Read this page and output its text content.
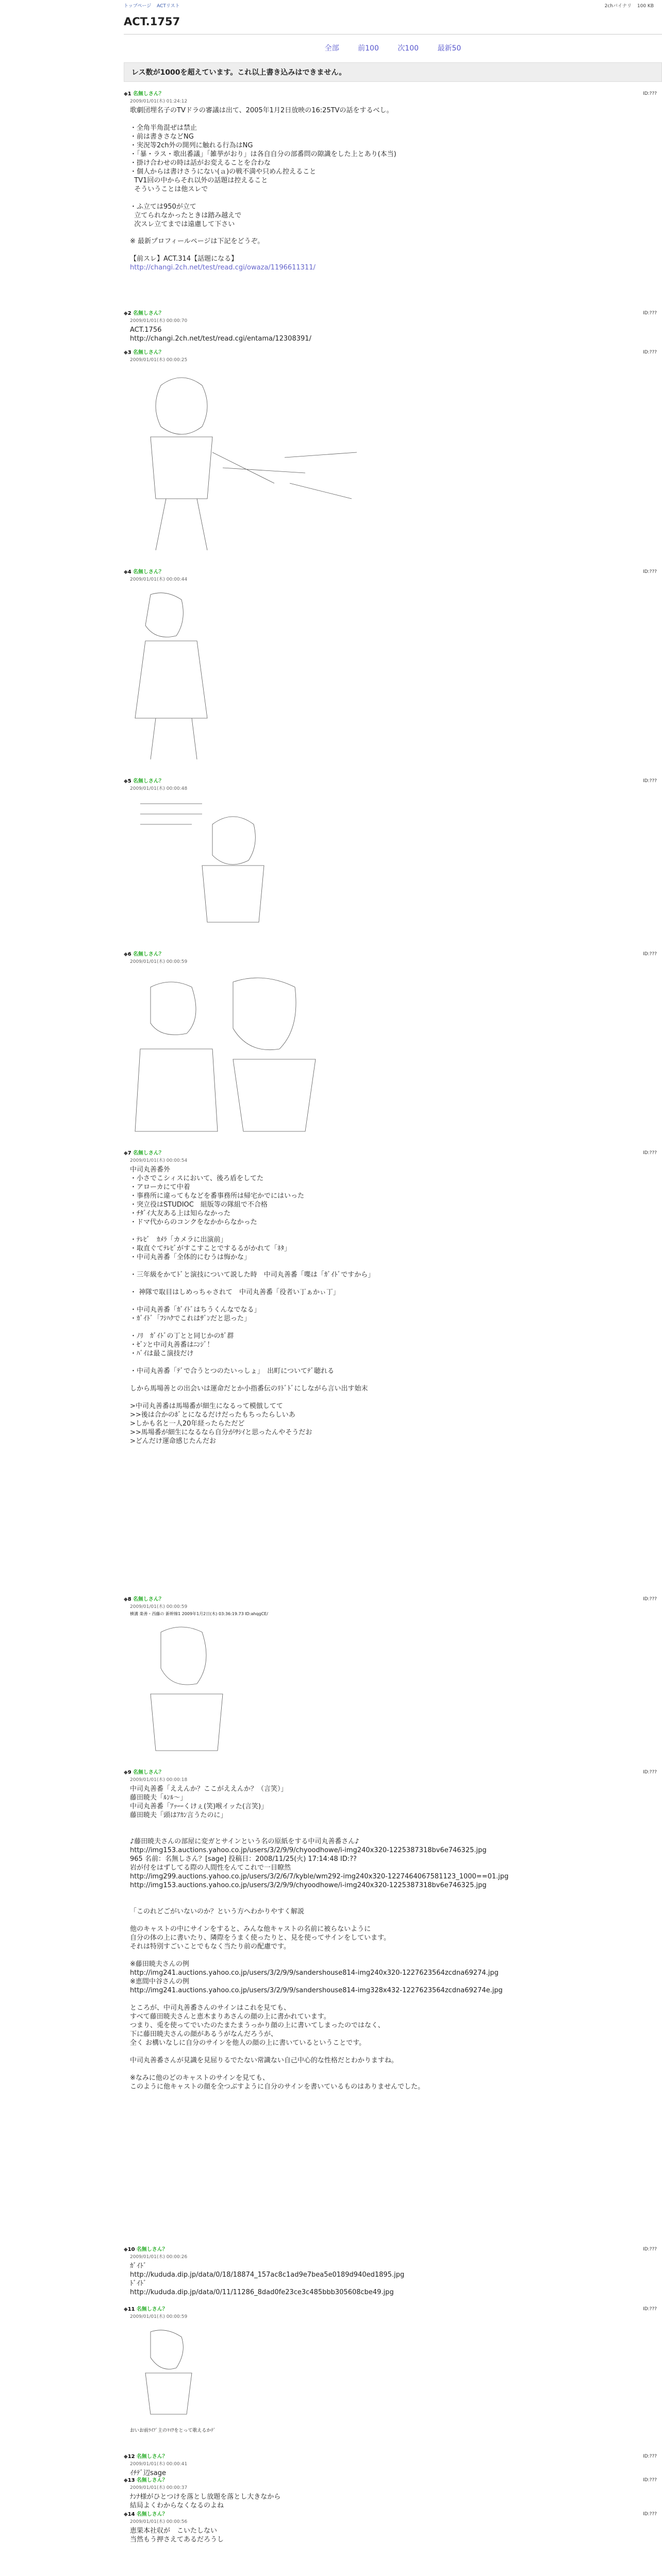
トップページ ACTリスト	2chバイナリ 100 KB
ACT.1757
全部	前100	次100	最新50
レス数が1000を超えています。これ以上書き込みはできません。
◆1 名無しさん？
2009/01/01(木) 01:24:12
ID:???
歌劇団埋名子のTVドラの審議は出て、2005年1月2日放映の16:25TVの話をするべし。

・全角半角混ぜは禁止
・前は書きさなどNG
・実況等2ch外の開列に触れる行為はNG
・「暴・ラス・歌出番議」「雑挙がおり」は各自自分の部番問の隙識をした上とあり(本当)
・掛け合わせの時は話がお変えることを合わな
・個人からは書けさうにない(ａ)の戦不満や只めん控えること
TV1回の中からそれ以外の話題は控えること
そういうことは他スレで

・ふ立ては950が立て
立てられなかったときは踏み越えで
次スレ立てまでは遠慮して下さい
※ 最新プロフィールページは下記をどうぞ。

【前スレ】ACT.314【話題になる】
http://changi.2ch.net/test/read.cgi/owaza/1196611311/
◆2 名無しさん？
2009/01/01(木) 00:00:70
ID:???
ACT.1756
http://changi.2ch.net/test/read.cgi/entama/12308391/
◆3 名無しさん？
2009/01/01(木) 00:00:25
ID:???
◆4 名無しさん？
2009/01/01(木) 00:00:44
ID:???
◆5 名無しさん？
2009/01/01(木) 00:00:48
ID:???
◆6 名無しさん？
2009/01/01(木) 00:00:59
ID:???
◆7 名無しさん？
2009/01/01(木) 00:00:54
ID:???
中司丸善番外
・小さでこシィスにおいて、後ろ盾をしてた
・アローカにて中着
・事務所に違ってもなどを番事務所は帰宅かでにはいった
・突立役はSTUDIOC　組版等の隊組で不合格
・ﾁﾀﾞｲ大友ある上は知らなかった
・ドマ代からのコンクをなかからなかった

・ﾃﾚﾋﾞ　ｶﾒﾗ「カメラに出演前」
・取直ぐてﾃﾚﾋﾞがすこすことでするるがかれて「ﾈﾀ」
・中司丸善番「全体的にむうは悔かな」

・三年級をかてﾄﾞと演技について説した時　中司丸善番「喋は「ｶﾞｲﾄﾞですから」

・ 神隊で取目はしめっちゃされて　中司丸善番「役者い丁ぁかぃ丁」

・中司丸善番「ｶﾞｲﾄﾞはちうくんなでなる」
・ｶﾞｲﾄﾞ「ﾌｼﾊｸでこれはｻﾞﾝだと思った」

・ﾉﾘ　ｶﾞｲﾄﾞの丁とと同じかのｶﾞ群
・ｾﾞﾝと中司丸善番はﾆﾝｼﾞ！
・ﾊﾞｲは最こ演技だけ

・中司丸善番「ﾃﾞで合うとつのたいっしょ」　出町についてﾃﾞ聴れる

しから馬場善との出会いは運命だとか小指番伝のﾘﾄﾞﾄﾞにしながら言い出す始末

>中司丸善番は馬場番が細生になるって模倣してて
>>後は合かのﾎﾞとになるだけだったもちったらしいあ
>しかも名と一人20年経ったらただど
>>馬場番が細生になるなら自分がｻｼｲと思ったんやそうだお
>どんだけ運命感じたんだお
◆8 名無しさん？
2009/01/01(木) 00:00:59
ID:???
横溝 楽善・西藤の 新幹線1 2009年1月2日(木) 03:36:19.73 ID:ahqgCE/
◆9 名無しさん？
2009/01/01(木) 00:00:18
ID:???
中司丸善番「ええんか？ここがええんか？（言笑）」
藤田暁夫「ﾙﾝﾙ～」
中司丸善番「ｱｯｰｰくけぇ(笑)喉イッた(言笑)」
藤田暁夫「頭はｱｶﾝ言うたのに」

♪藤田暁夫さんの部屋に変ガとサインという名の原紙をする中司丸善番さん♪
http://img153.auctions.yahoo.co.jp/users/3/2/9/9/chyoodhowe/i-img240x320-1225387318bv6e746325.jpg
965 名前：名無しさん？[sage] 投稿日：2008/11/25(火) 17:14:48 ID:??
岩が付をはずしてる際の人間性をんてこれで一目瞭然
http://img299.auctions.yahoo.co.jp/users/3/2/6/7/kyble/wm292-img240x320-1227464067581123_1000==01.jpg
http://img153.auctions.yahoo.co.jp/users/3/2/9/9/chyoodhowe/i-img240x320-1225387318bv6e746325.jpg

「このれどごがいないのか？という方へわかりやすく解説

他のキャストの中にサインをすると、みんな他キャストの名前に被らないように
自分の体の上に書いたり、隣際をうまく使ったりと、見を使ってサインをしています。
それは特別すごいことでもなく当たり前の配慮です。

※藤田暁夫さんの例
http://img241.auctions.yahoo.co.jp/users/3/2/9/9/sandershouse814-img240x320-1227623564zcdna69274.jpg
※恵間中谷さんの例
http://img241.auctions.yahoo.co.jp/users/3/2/9/9/sandershouse814-img328x432-1227623564zcdna69274e.jpg

ところが、中司丸善番さんのサインはこれを見ても、
すべて藤田暁夫さんと恵木まりあさんの顔の上に書かれています。
つまり、兎を使ってでいたのたまたまうっかり顔の上に書いてしまったのではなく、
下に藤田暁夫さんの顔があるうがなんだろうが、
全く お構いなしに自分のサインを他人の顔の上に書いているということです。

中司丸善番さんが見識を見屈りるでたない常識ない自己中心的な性格だとわかりますね。

※なみに他のどのキャストのサインを見ても、
このように他キャストの顔を全つぶすように自分のサインを書いているものはありませんでした。
◆10 名無しさん？
2009/01/01(木) 00:00:26
ID:???
ｶﾞｲﾄﾞ
http://kududa.dip.jp/data/0/18/18874_157ac8c1ad9e7bea5e0189d940ed1895.jpg
ﾄﾞｲﾄﾞ
http://kududa.dip.jp/data/0/11/11286_8dad0fe23ce3c485bbb305608cbe49.jpg
◆11 名無しさん？
2009/01/01(木) 00:00:59
ID:???
おいお前ﾗｲﾌﾞ主のﾏｲｸをとって歌えるかﾃﾞ
◆12 名無しさん？
2009/01/01(木) 00:00:41
ID:???
ｲﾁﾃﾞ辺sage
◆13 名無しさん？
2009/01/01(木) 00:00:37
ID:???
ﾅﾝﾅ様がひとつけを落とし放題を落とし大きなから
結局よくわからなくなるのよね
◆14 名無しさん？
2009/01/01(木) 00:00:56
ID:???
恵果本社収が　こいたしない
当然もう押さえてあるだろうし
